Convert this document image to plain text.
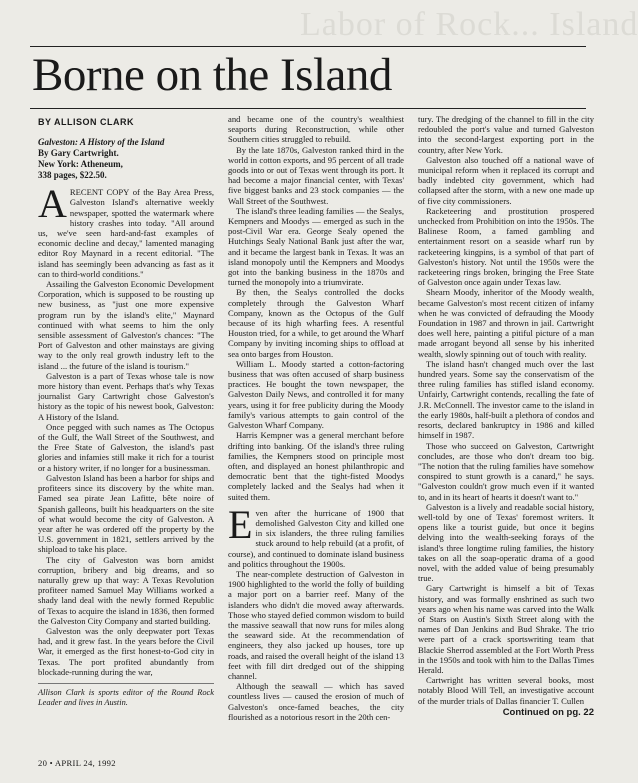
Labor of Rock... Island
Borne on the Island
BY ALLISON CLARK
Galveston: A History of the Island
By Gary Cartwright.
New York: Atheneum,
338 pages, $22.50.

ARECENT COPY of the Bay Area Press, Galveston Island's alternative weekly newspaper, spotted the watermark where history crashes into today. "All around us, we've seen hard-and-fast examples of economic decline and decay," lamented managing editor Roy Maynard in a recent editorial. "The island has seemingly been advancing as fast as it can to third-world conditions."

Assailing the Galveston Economic Development Corporation, which is supposed to be rousting up new business, as "just one more expensive program run by the island's elite," Maynard continued with what seems to him the only sensible assessment of Galveston's chances: "The Port of Galveston and other mainstays are giving way to the only real growth industry left to the island ... the future of the island is tourism."

Galveston is a part of Texas whose tale is now more history than event. Perhaps that's why Texas journalist Gary Cartwright chose Galveston's history as the topic of his newest book, Galveston: A History of the Island.

Once pegged with such names as The Octopus of the Gulf, the Wall Street of the Southwest, and the Free State of Galveston, the island's past glories and infamies still make it rich for a tourist or a history writer, if no longer for a businessman.

Galveston Island has been a harbor for ships and profiteers since its discovery by the white man. Famed sea pirate Jean Lafitte, bête noire of Spanish galleons, built his headquarters on the site of what would become the city of Galveston. A year after he was ordered off the property by the U.S. government in 1821, settlers arrived by the shipload to take his place.

The city of Galveston was born amidst corruption, bribery and big dreams, and so naturally grew up that way: A Texas Revolution profiteer named Samuel May Williams worked a shady land deal with the newly formed Republic of Texas to acquire the island in 1836, then formed the Galveston City Company and started building.

Galveston was the only deepwater port Texas had, and it grew fast. In the years before the Civil War, it emerged as the first honest-to-God city in Texas. The port profited abundantly from blockade-running during the war,

Allison Clark is sports editor of the Round Rock Leader and lives in Austin.

and became one of the country's wealthiest seaports during Reconstruction, while other Southern cities struggled to rebuild.

By the late 1870s, Galveston ranked third in the world in cotton exports, and 95 percent of all trade goods into or out of Texas went through its port. It had become a major financial center, with Texas' five biggest banks and 23 stock companies — the Wall Street of the Southwest.

The island's three leading families — the Sealys, Kempners and Moodys — emerged as such in the post-Civil War era. George Sealy opened the Hutchings Sealy National Bank just after the war, and it became the largest bank in Texas. It was an island monopoly until the Kempners and Moodys got into the banking business in the 1870s and turned the monopoly into a triumvirate.

By then, the Sealys controlled the docks completely through the Galveston Wharf Company, known as the Octopus of the Gulf because of its high wharfing fees. A resentful Houston tried, for a while, to get around the Wharf Company by inviting incoming ships to offload at sea onto barges from Houston.

William L. Moody started a cotton-factoring business that was often accused of sharp business practices. He bought the town newspaper, the Galveston Daily News, and controlled it for many years, using it for free publicity during the Moody family's various attempts to gain control of the Galveston Wharf Company.

Harris Kempner was a general merchant before drifting into banking. Of the island's three ruling families, the Kempners stood on principle most often, and displayed an honest philanthropic and democratic bent that the tight-fisted Moodys completely lacked and the Sealys had when it suited them.

Even after the hurricane of 1900 that demolished Galveston City and killed one in six islanders, the three ruling families stuck around to help rebuild (at a profit, of course), and continued to dominate island business and politics throughout the 1900s.

The near-complete destruction of Galveston in 1900 highlighted to the world the folly of building a major port on a barrier reef. Many of the islanders who didn't die moved away afterwards. Those who stayed defied common wisdom to build the massive seawall that now runs for miles along the seaward side. At the recommendation of engineers, they also jacked up houses, tore up roads, and raised the overall height of the island 13 feet with fill dirt dredged out of the shipping channel.

Although the seawall — which has saved countless lives — caused the erosion of much of Galveston's once-famed beaches, the city flourished as a notorious resort in the 20th cen-

tury. The dredging of the channel to fill in the city redoubled the port's value and turned Galveston into the second-largest exporting port in the country, after New York.

Galveston also touched off a national wave of municipal reform when it replaced its corrupt and badly indebted city government, which had collapsed after the storm, with a new one made up of five city commissioners.

Racketeering and prostitution prospered unchecked from Prohibition on into the 1950s. The Balinese Room, a famed gambling and entertainment resort on a seaside wharf run by racketeering kingpins, is a symbol of that part of Galveston's history. Not until the 1950s were the racketeering rings broken, bringing the Free State of Galveston once again under Texas law.

Shearn Moody, inheritor of the Moody wealth, became Galveston's most recent citizen of infamy when he was convicted of defrauding the Moody Foundation in 1987 and thrown in jail. Cartwright does well here, painting a pitiful picture of a man made arrogant beyond all sense by his inherited wealth, slowly spinning out of touch with reality.

The island hasn't changed much over the last hundred years. Some say the conservatism of the three ruling families has stifled island economy. Unfairly, Cartwright contends, recalling the fate of J.R. McConnell. The investor came to the island in the early 1980s, half-built a plethora of condos and resorts, declared bankruptcy in 1986 and killed himself in 1987.

Those who succeed on Galveston, Cartwright concludes, are those who don't dream too big. "The notion that the ruling families have somehow conspired to stunt growth is a canard," he says. "Galveston couldn't grow much even if it wanted to, and in its heart of hearts it doesn't want to."

Galveston is a lively and readable social history, well-told by one of Texas' foremost writers. It opens like a tourist guide, but once it begins delving into the wealth-seeking forays of the island's three longtime ruling families, the history takes on all the soap-operatic drama of a good novel, with the added value of being presumably true.

Gary Cartwright is himself a bit of Texas history, and was formally enshrined as such two years ago when his name was carved into the Walk of Stars on Austin's Sixth Street along with the names of Dan Jenkins and Bud Shrake. The trio were part of a crack sportswriting team that Blackie Sherrod assembled at the Fort Worth Press in the 1950s and took with him to the Dallas Times Herald.

Cartwright has written several books, most notably Blood Will Tell, an investigative account of the murder trials of Dallas financier T. Cullen

Continued on pg. 22
20 • APRIL 24, 1992
